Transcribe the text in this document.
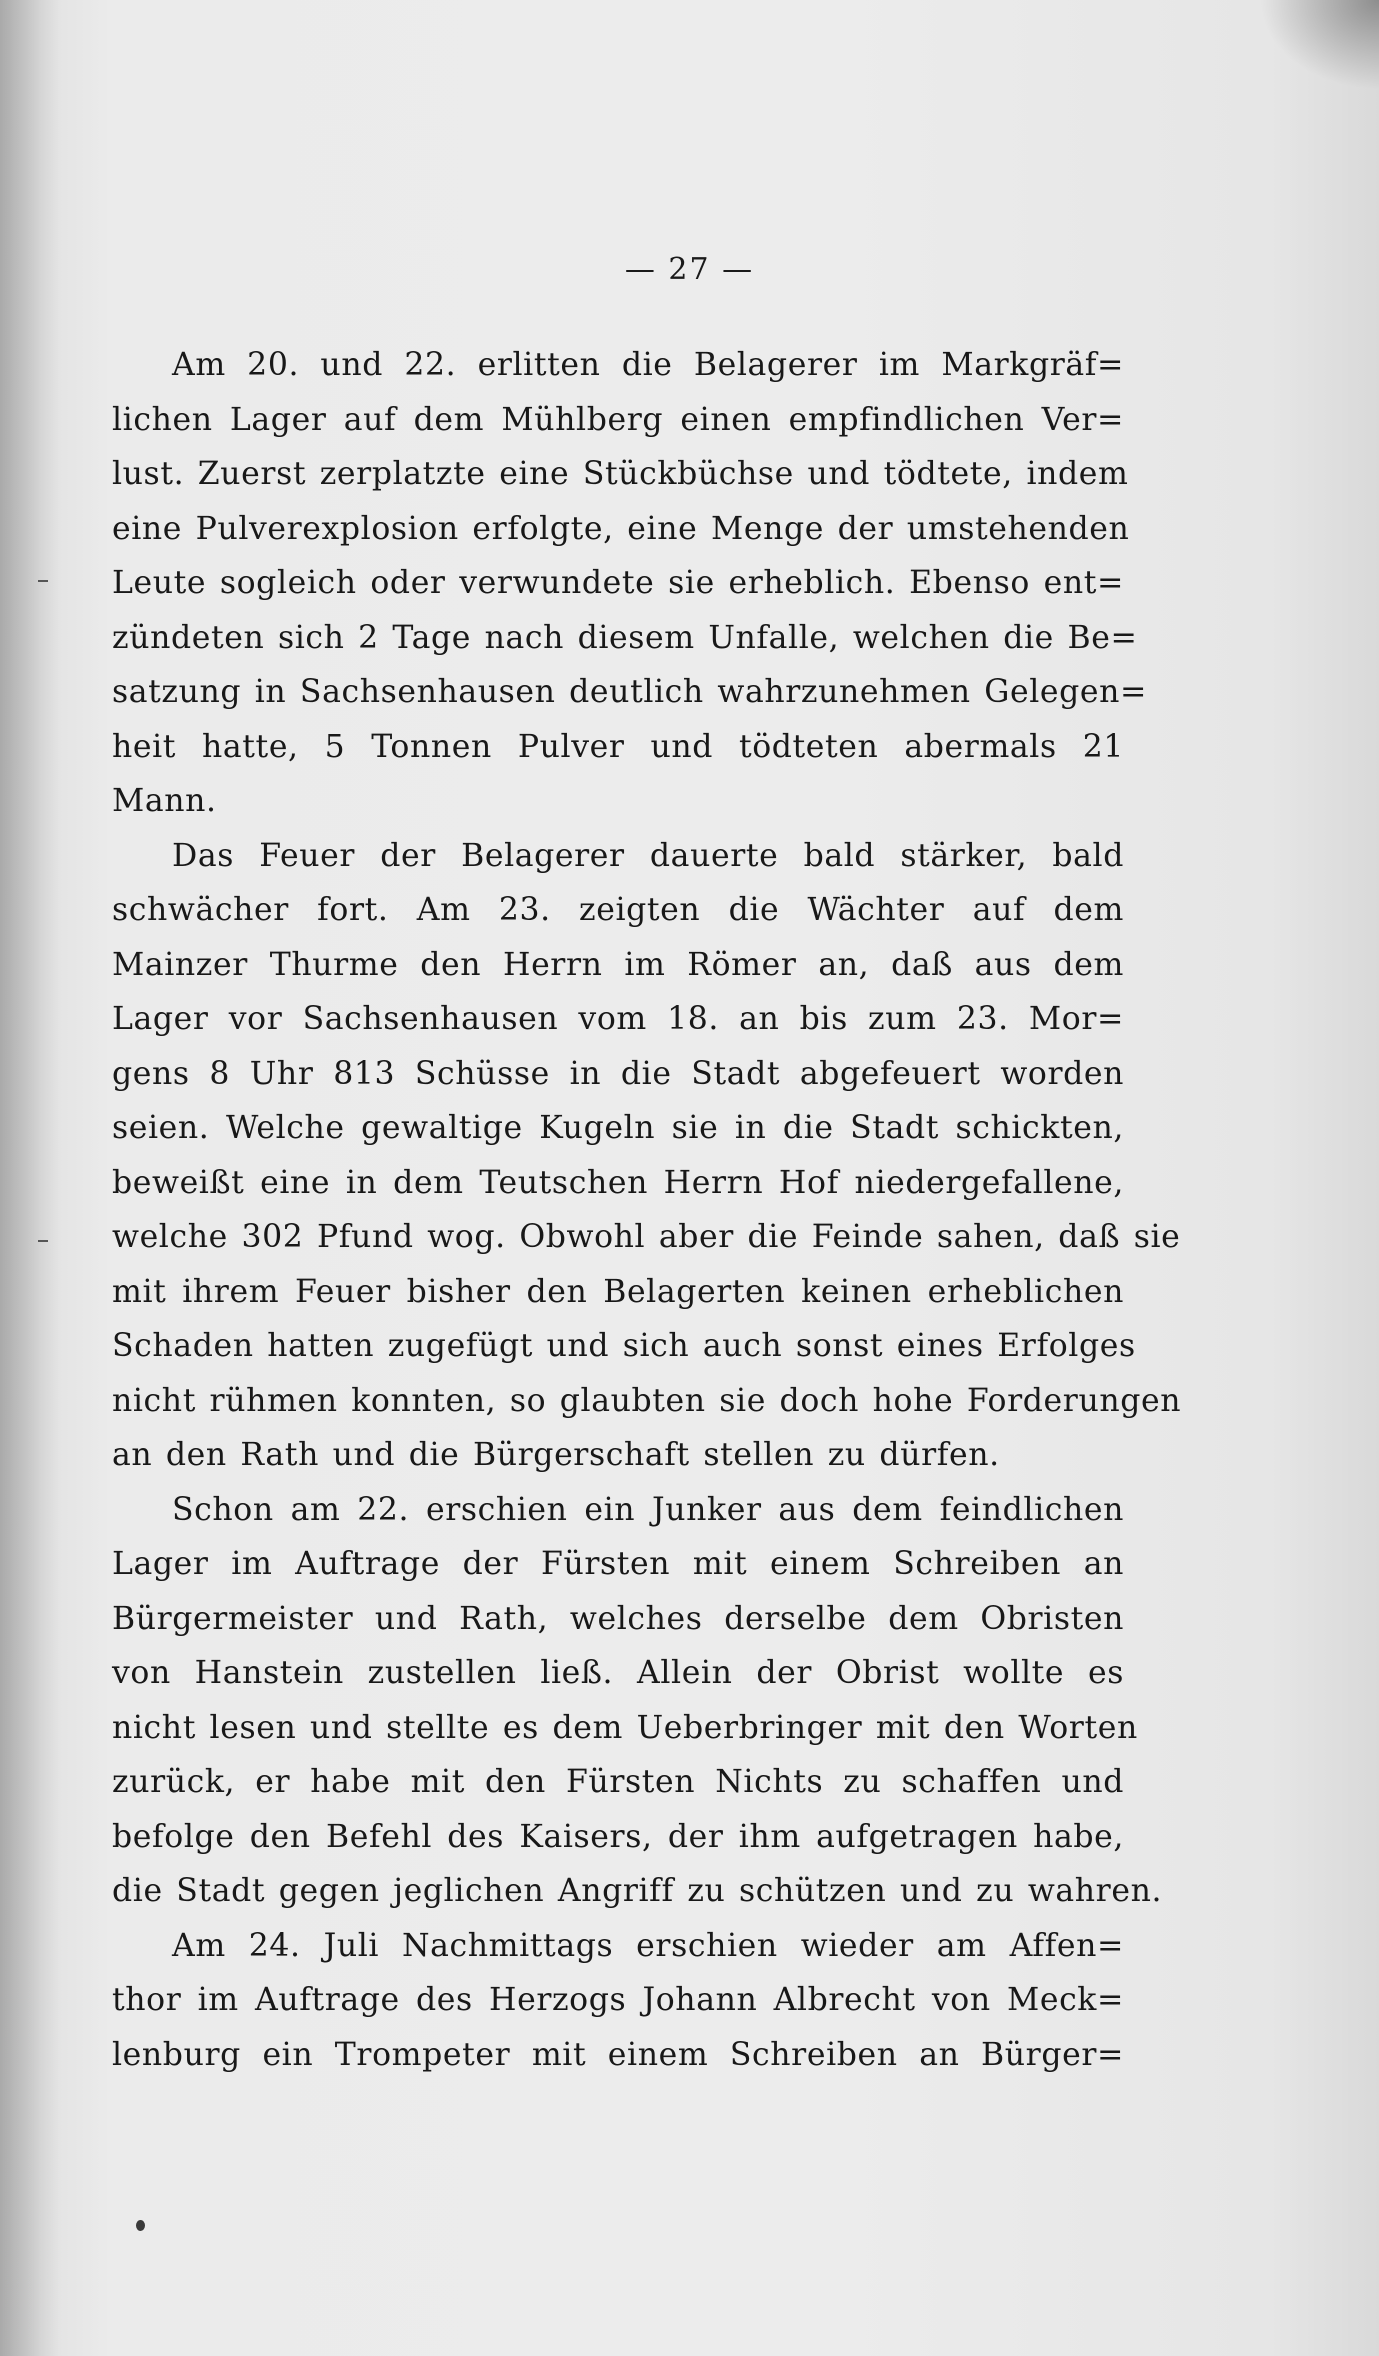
— 27 —
Am 20. und 22. erlitten die Belagerer im Markgräf=
lichen Lager auf dem Mühlberg einen empfindlichen Ver=
lust. Zuerst zerplatzte eine Stückbüchse und tödtete, indem
eine Pulverexplosion erfolgte, eine Menge der umstehenden
Leute sogleich oder verwundete sie erheblich. Ebenso ent=
zündeten sich 2 Tage nach diesem Unfalle, welchen die Be=
satzung in Sachsenhausen deutlich wahrzunehmen Gelegen=
heit hatte, 5 Tonnen Pulver und tödteten abermals 21
Mann.
Das Feuer der Belagerer dauerte bald stärker, bald
schwächer fort. Am 23. zeigten die Wächter auf dem
Mainzer Thurme den Herrn im Römer an, daß aus dem
Lager vor Sachsenhausen vom 18. an bis zum 23. Mor=
gens 8 Uhr 813 Schüsse in die Stadt abgefeuert worden
seien. Welche gewaltige Kugeln sie in die Stadt schickten,
beweißt eine in dem Teutschen Herrn Hof niedergefallene,
welche 302 Pfund wog. Obwohl aber die Feinde sahen, daß sie
mit ihrem Feuer bisher den Belagerten keinen erheblichen
Schaden hatten zugefügt und sich auch sonst eines Erfolges
nicht rühmen konnten, so glaubten sie doch hohe Forderungen
an den Rath und die Bürgerschaft stellen zu dürfen.
Schon am 22. erschien ein Junker aus dem feindlichen
Lager im Auftrage der Fürsten mit einem Schreiben an
Bürgermeister und Rath, welches derselbe dem Obristen
von Hanstein zustellen ließ. Allein der Obrist wollte es
nicht lesen und stellte es dem Ueberbringer mit den Worten
zurück, er habe mit den Fürsten Nichts zu schaffen und
befolge den Befehl des Kaisers, der ihm aufgetragen habe,
die Stadt gegen jeglichen Angriff zu schützen und zu wahren.
Am 24. Juli Nachmittags erschien wieder am Affen=
thor im Auftrage des Herzogs Johann Albrecht von Meck=
lenburg ein Trompeter mit einem Schreiben an Bürger=
